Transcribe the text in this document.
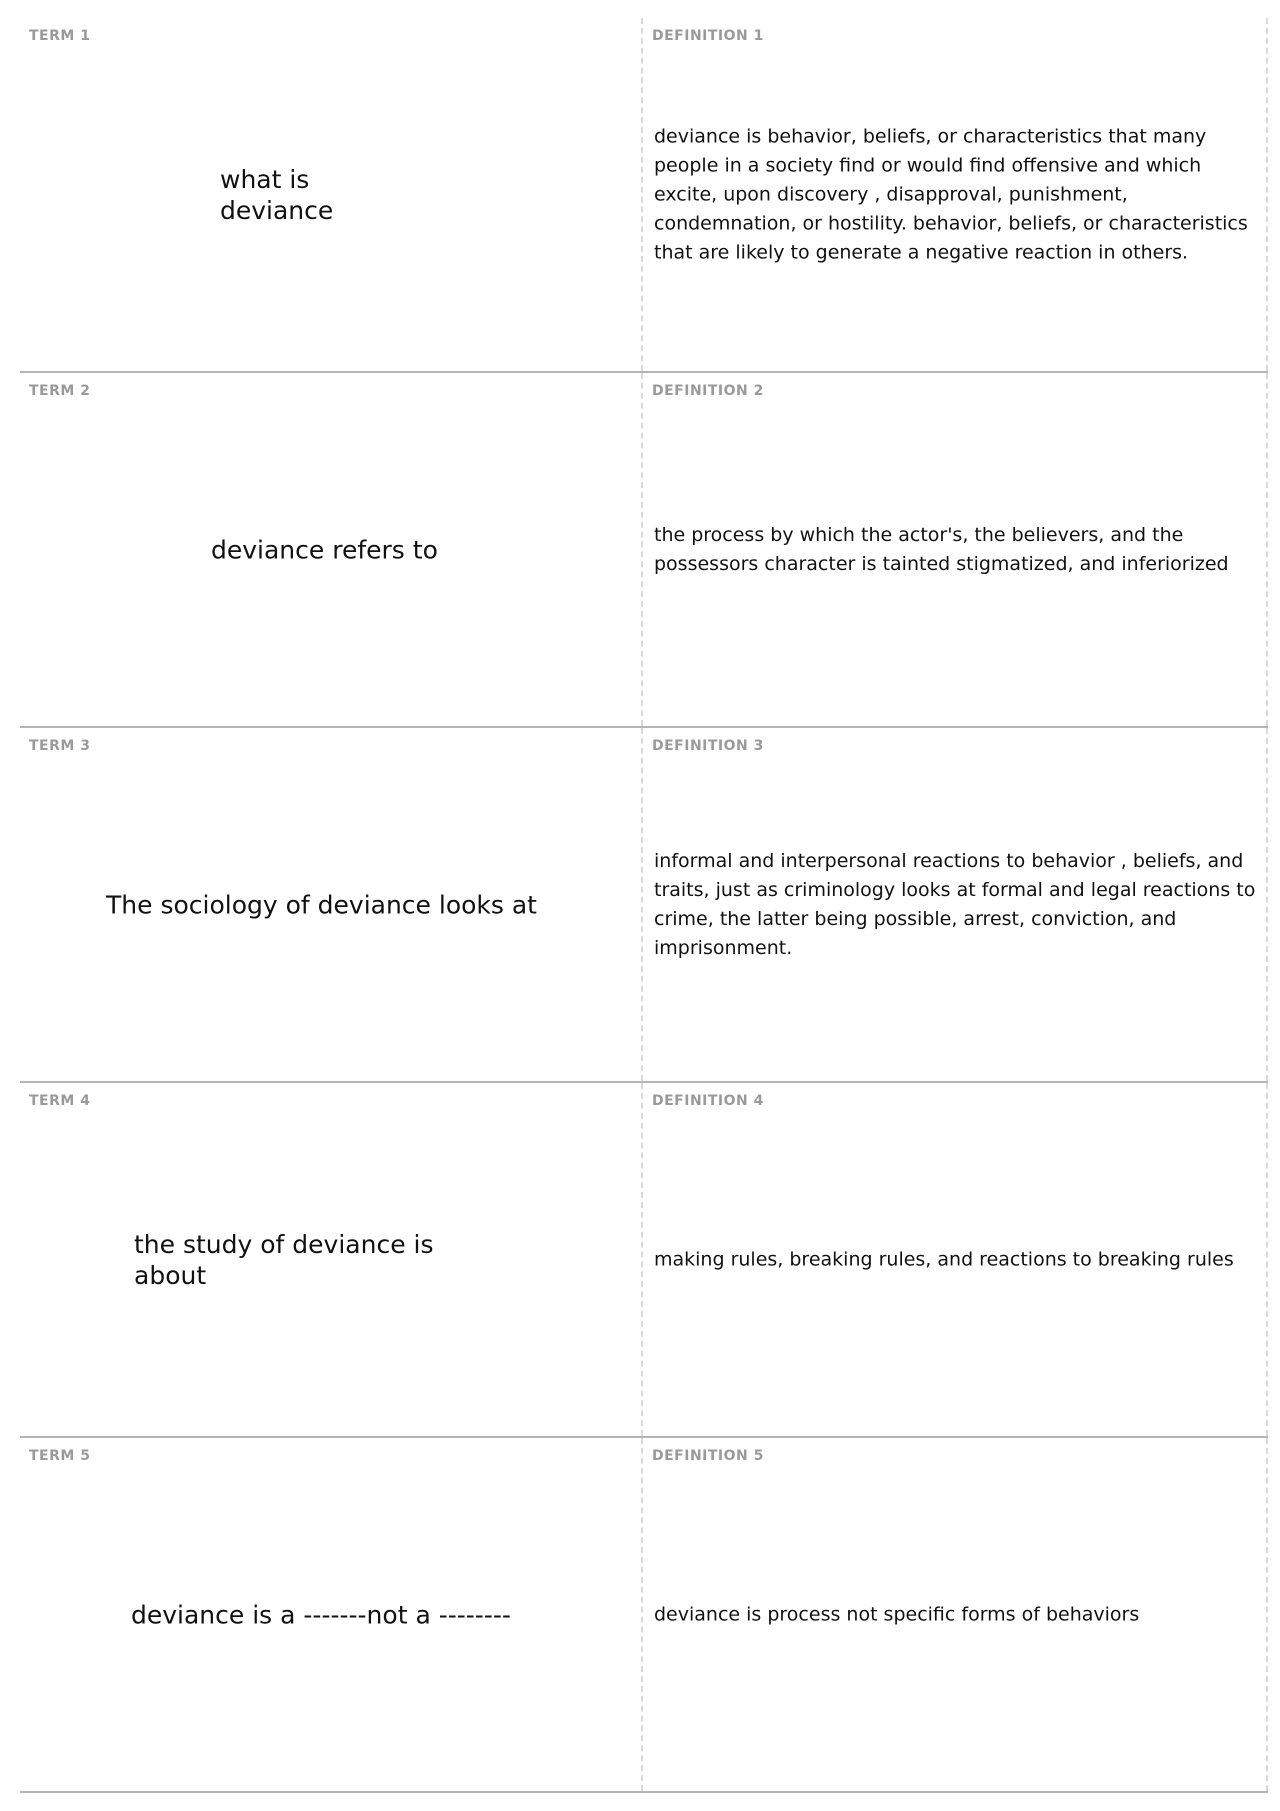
TERM 1
what is deviance
DEFINITION 1
deviance is behavior, beliefs, or characteristics that many people in a society find or would find offensive and which excite, upon discovery , disapproval, punishment, condemnation, or hostility. behavior, beliefs, or characteristics that are likely to generate a negative reaction in others.
TERM 2
deviance refers to
DEFINITION 2
the process by which the actor's, the believers, and the possessors character is tainted stigmatized, and inferiorized
TERM 3
The sociology of deviance looks at
DEFINITION 3
informal and interpersonal reactions to behavior , beliefs, and traits, just as criminology looks at formal and legal reactions to crime, the latter being possible, arrest, conviction, and imprisonment.
TERM 4
the study of deviance is about
DEFINITION 4
making rules, breaking rules, and reactions to breaking rules
TERM 5
deviance is a -------not a --------
DEFINITION 5
deviance is process not specific forms of behaviors
